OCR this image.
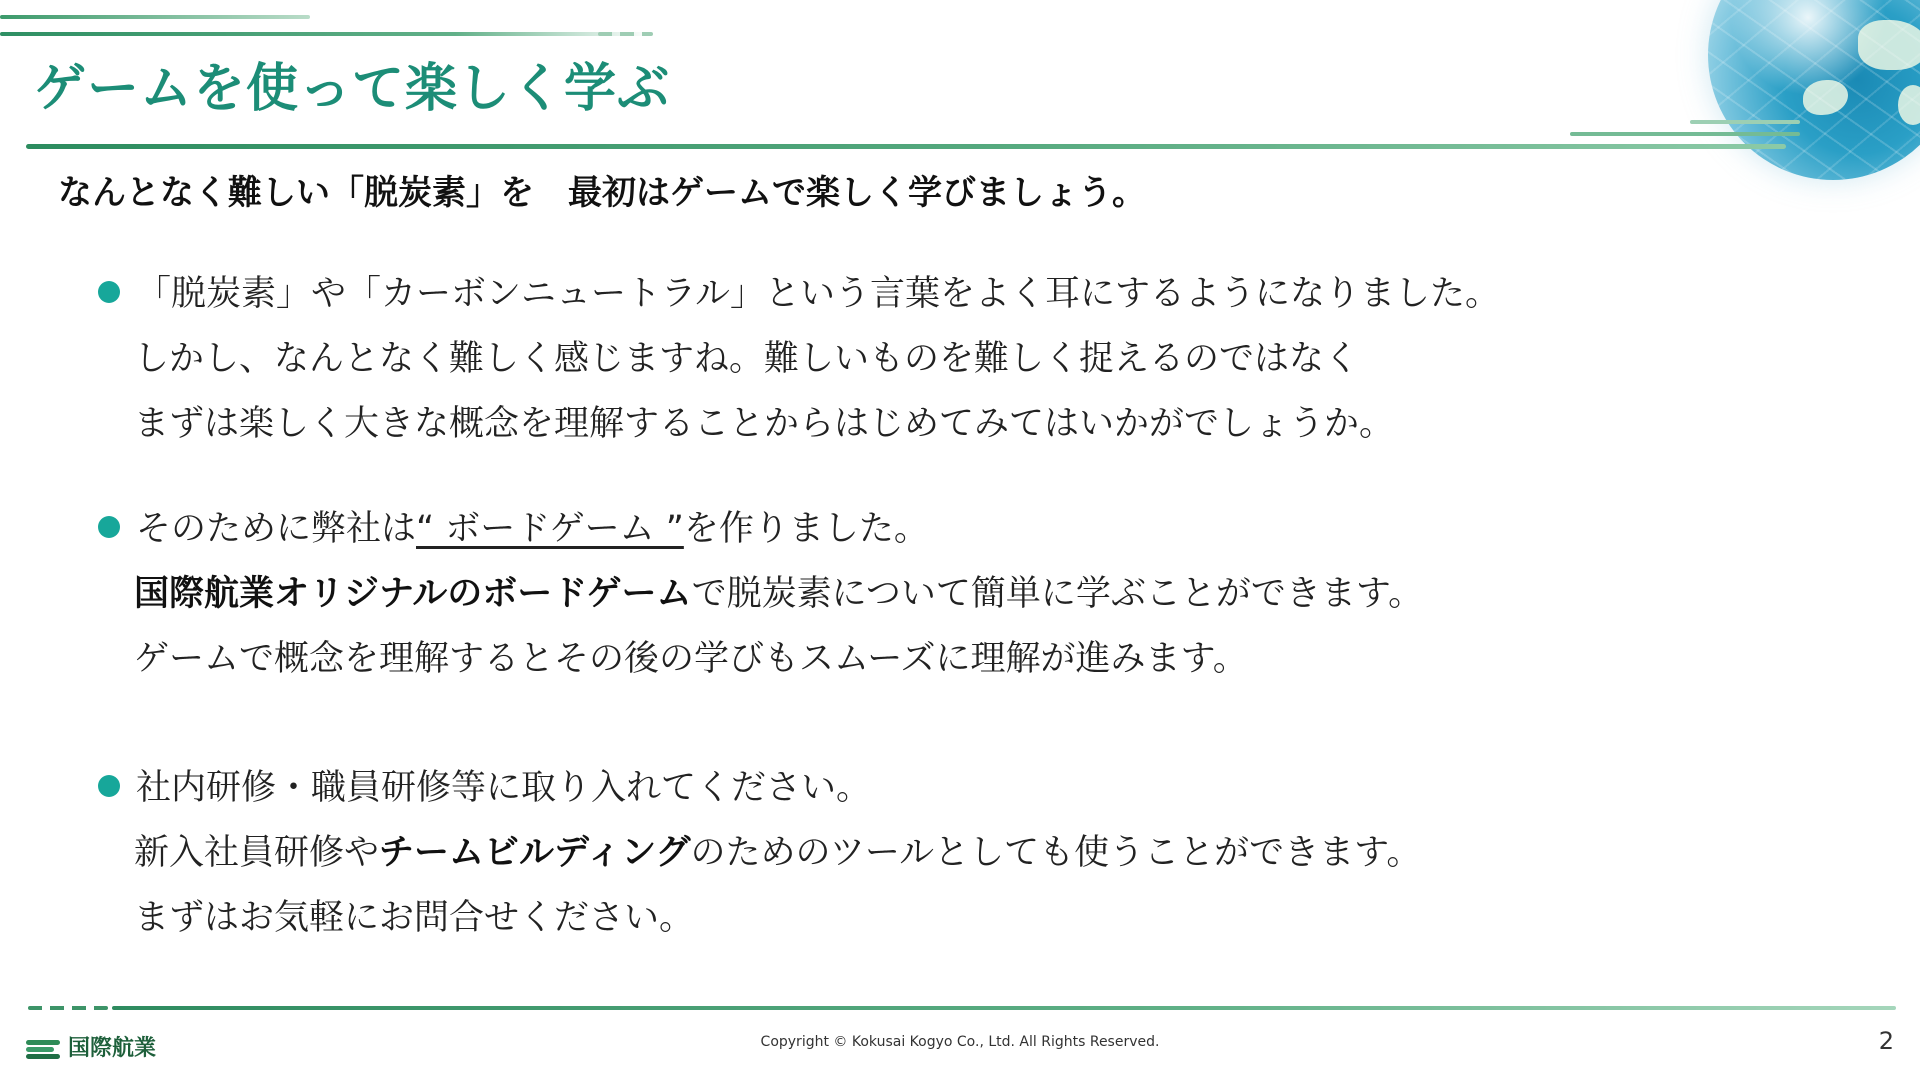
ゲームを使って楽しく学ぶ
なんとなく難しい「脱炭素」を　最初はゲームで楽しく学びましょう。
「脱炭素」や「カーボンニュートラル」という言葉をよく耳にするようになりました。
しかし、なんとなく難しく感じますね。難しいものを難しく捉えるのではなく
まずは楽しく大きな概念を理解することからはじめてみてはいかがでしょうか。
そのために弊社は“ ボードゲーム ”を作りました。
国際航業オリジナルのボードゲームで脱炭素について簡単に学ぶことができます。
ゲームで概念を理解するとその後の学びもスムーズに理解が進みます。
社内研修・職員研修等に取り入れてください。
新入社員研修やチームビルディングのためのツールとしても使うことができます。
まずはお気軽にお問合せください。
国際航業	Copyright © Kokusai Kogyo Co., Ltd. All Rights Reserved.	2
